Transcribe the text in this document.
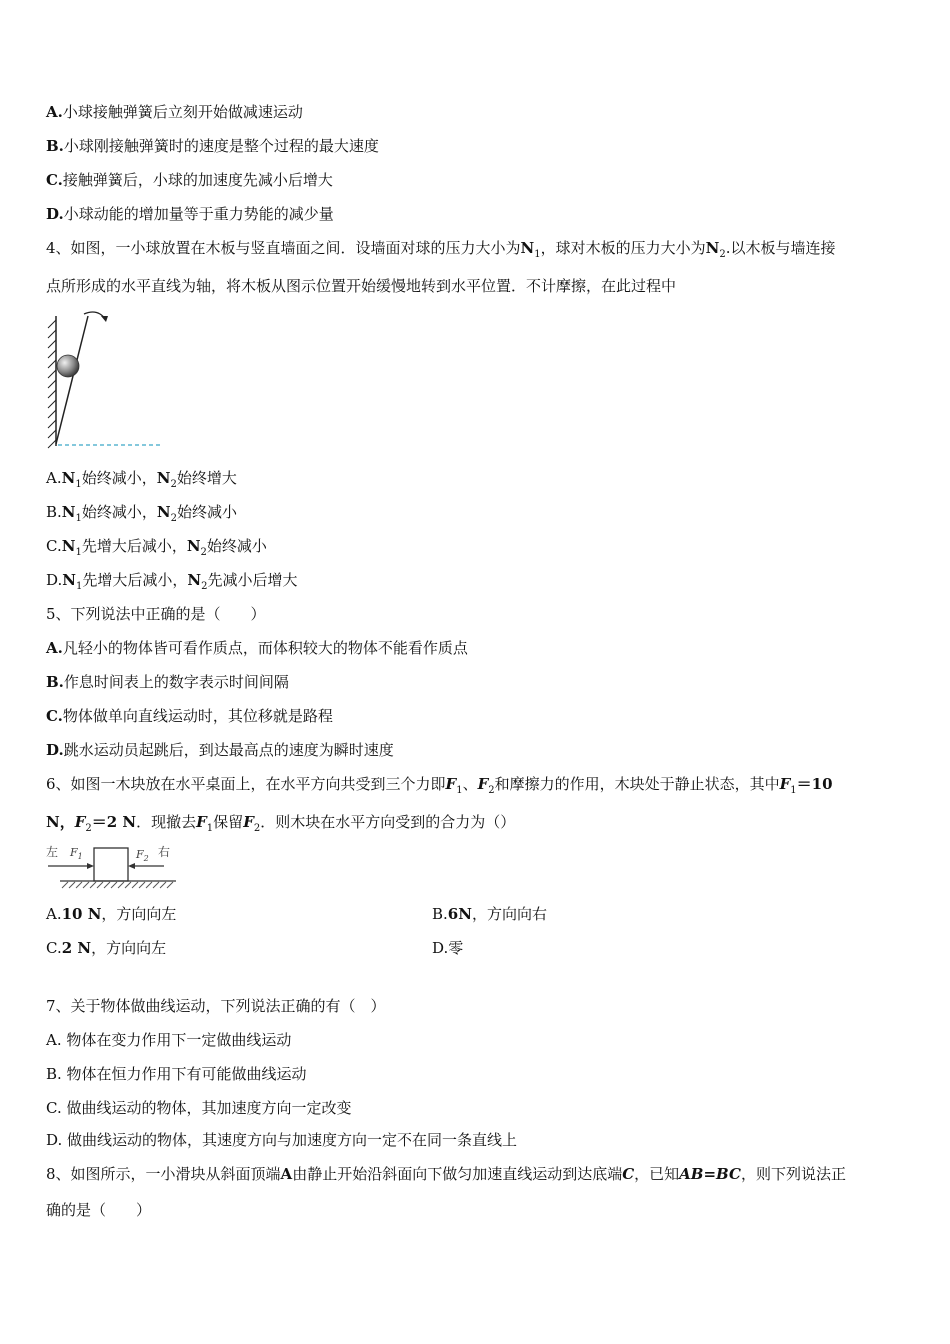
A.小球接触弹簧后立刻开始做减速运动
B.小球刚接触弹簧时的速度是整个过程的最大速度
C.接触弹簧后，小球的加速度先减小后增大
D.小球动能的增加量等于重力势能的减少量
4、如图，一小球放置在木板与竖直墙面之间．设墙面对球的压力大小为$N_1$，球对木板的压力大小为$N_2$.以木板与墙连接
点所形成的水平直线为轴，将木板从图示位置开始缓慢地转到水平位置．不计摩擦，在此过程中
$A.N_1$始终减小，$N_2$始终增大
$B.N_1$始终减小，$N_2$始终减小
$C.N_1$先增大后减小，$N_2$始终减小
$D.N_1$先增大后减小，$N_2$先减小后增大
5、下列说法中正确的是（　　）
A.凡轻小的物体皆可看作质点，而体积较大的物体不能看作质点
B.作息时间表上的数字表示时间间隔
C.物体做单向直线运动时，其位移就是路程
D.跳水运动员起跳后，到达最高点的速度为瞬时速度
6、如图一木块放在水平桌面上，在水平方向共受到三个力即$F_1$、$F_2$和摩擦力的作用，木块处于静止状态，其中$F_1=10$
N，$F_2=2$ N．现撤去$F_1$保留$F_2$．则木块在水平方向受到的合力为（）
左	右
$F_1$	$F_2$
A.10 N，方向向左	B.6N，方向向右
C.2 N，方向向左	D.零
7、关于物体做曲线运动，下列说法正确的有（　）
A. 物体在变力作用下一定做曲线运动
B. 物体在恒力作用下有可能做曲线运动
C. 做曲线运动的物体，其加速度方向一定改变
D. 做曲线运动的物体，其速度方向与加速度方向一定不在同一条直线上
8、如图所示，一小滑块从斜面顶端A由静止开始沿斜面向下做匀加速直线运动到达底端C，已知AB=BC，则下列说法正
确的是（　　）
